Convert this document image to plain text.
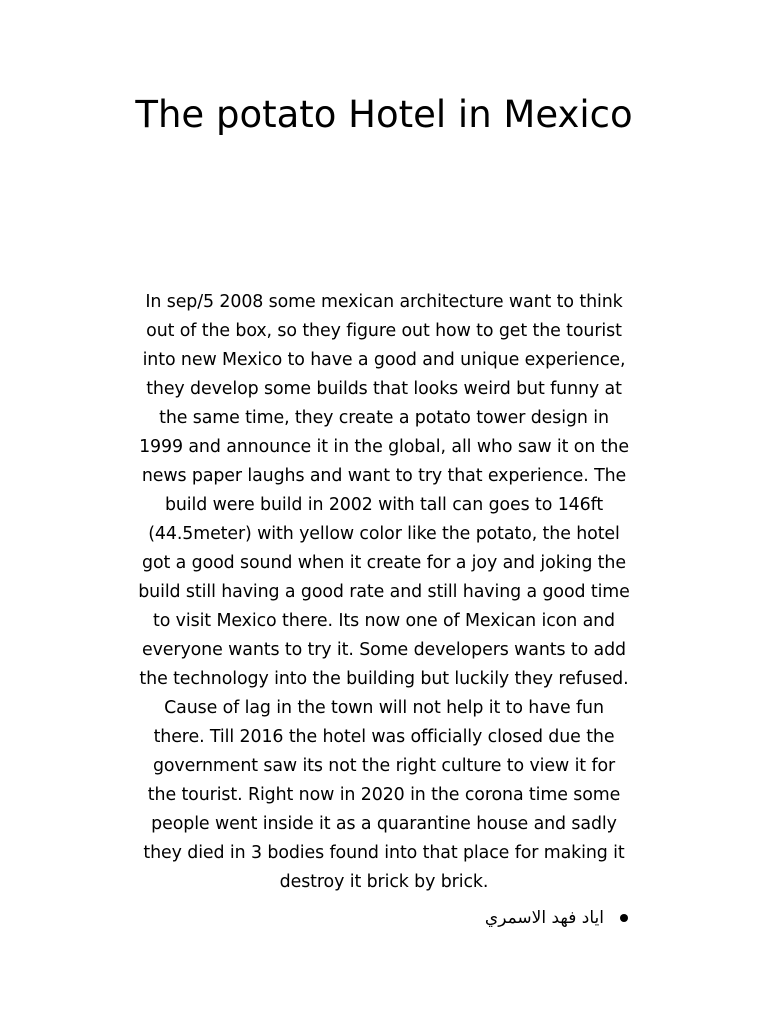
The potato Hotel in Mexico

In sep/5 2008 some mexican architecture want to think
out of the box, so they figure out how to get the tourist
into new Mexico to have a good and unique experience,
they develop some builds that looks weird but funny at
the same time, they create a potato tower design in
1999 and announce it in the global, all who saw it on the
news paper laughs and want to try that experience. The
build were build in 2002 with tall can goes to 146ft
(44.5meter) with yellow color like the potato, the hotel
got a good sound when it create for a joy and joking the
build still having a good rate and still having a good time
to visit Mexico there. Its now one of Mexican icon and
everyone wants to try it. Some developers wants to add
the technology into the building but luckily they refused.
Cause of lag in the town will not help it to have fun
there. Till 2016 the hotel was officially closed due the
government saw its not the right culture to view it for
the tourist. Right now in 2020 in the corona time some
people went inside it as a quarantine house and sadly
they died in 3 bodies found into that place for making it
destroy it brick by brick.

اياد فهد الاسمري
